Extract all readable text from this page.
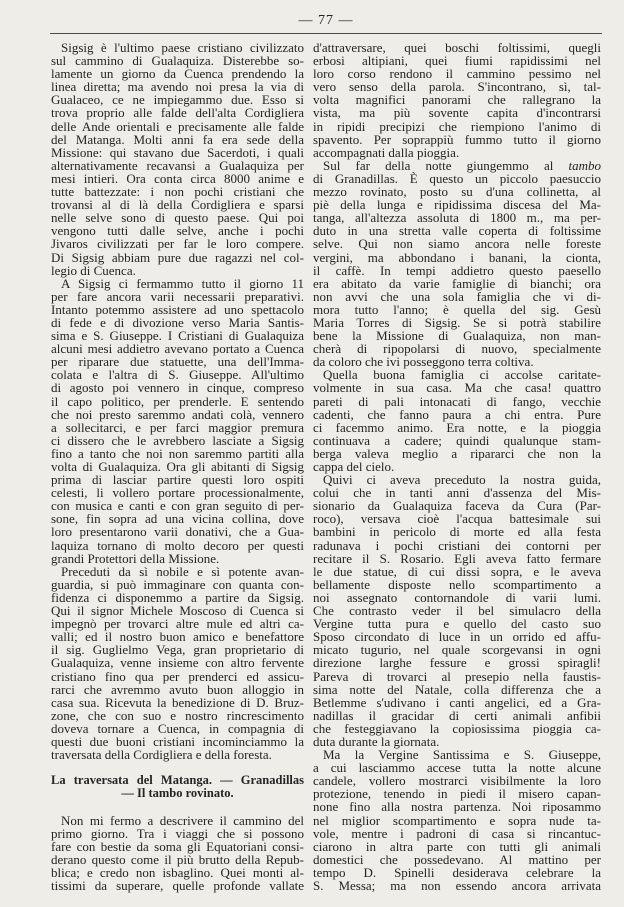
— 77 —
Sigsig è l'ultimo paese cristiano civilizzato
sul cammino di Gualaquiza. Disterebbe so-
lamente un giorno da Cuenca prendendo la
linea diretta; ma avendo noi presa la via di
Gualaceo, ce ne impiegammo due. Esso si
trova proprio alle falde dell'alta Cordigliera
delle Ande orientali e precisamente alle falde
del Matanga. Molti anni fa era sede della
Missione: qui stavano due Sacerdoti, i quali
alternativamente recavansi a Gualaquiza per
mesi intieri. Ora conta circa 8000 anime e
tutte battezzate: i non pochi cristiani che
trovansi al di là della Cordigliera e sparsi
nelle selve sono di questo paese. Qui poi
vengono tutti dalle selve, anche i pochi
Jivaros civilizzati per far le loro compere.
Di Sigsig abbiam pure due ragazzi nel col-
legio di Cuenca.
A Sigsig ci fermammo tutto il giorno 11
per fare ancora varii necessarii preparativi.
Intanto potemmo assistere ad uno spettacolo
di fede e di divozione verso Maria Santis-
sima e S. Giuseppe. I Cristiani di Gualaquiza
alcuni mesi addietro avevano portato a Cuenca
per riparare due statuette, una dell'Imma-
colata e l'altra di S. Giuseppe. All'ultimo
di agosto poi vennero in cinque, compreso
il capo politico, per prenderle. E sentendo
che noi presto saremmo andati colà, vennero
a sollecitarci, e per farci maggior premura
ci dissero che le avrebbero lasciate a Sigsig
fino a tanto che noi non saremmo partiti alla
volta di Gualaquiza. Ora gli abitanti di Sigsig
prima di lasciar partire questi loro ospiti
celesti, li vollero portare processionalmente,
con musica e canti e con gran seguito di per-
sone, fin sopra ad una vicina collina, dove
loro presentarono varii donativi, che a Gua-
laquiza tornano di molto decoro per questi
grandi Protettori della Missione.
Preceduti da sì nobile e sì potente avan-
guardia, si può immaginare con quanta con-
fidenza ci disponemmo a partire da Sigsig.
Qui il signor Michele Moscoso di Cuenca si
impegnò per trovarci altre mule ed altri ca-
valli; ed il nostro buon amico e benefattore
il sig. Guglielmo Vega, gran proprietario di
Gualaquiza, venne insieme con altro fervente
cristiano fino qua per prenderci ed assicu-
rarci che avremmo avuto buon alloggio in
casa sua. Ricevuta la benedizione di D. Bruz-
zone, che con suo e nostro rincrescimento
doveva tornare a Cuenca, in compagnia di
questi due buoni cristiani incominciammo la
traversata della Cordigliera e della foresta.
La traversata del Matanga. — Granadillas
— Il tambo rovinato.
Non mi fermo a descrivere il cammino del
primo giorno. Tra i viaggi che si possono
fare con bestie da soma gli Equatoriani consi-
derano questo come il più brutto della Repub-
blica; e credo non isbaglino. Quei monti al-
tissimi da superare, quelle profonde vallate
d'attraversare, quei boschi foltissimi, quegli
erbosi altipiani, quei fiumi rapidissimi nel
loro corso rendono il cammino pessimo nel
vero senso della parola. S'incontrano, sì, tal-
volta magnifici panorami che rallegrano la
vista, ma più sovente capita d'incontrarsi
in ripidi precipizi che riempiono l'animo di
spavento. Per soprappiù fummo tutto il giorno
accompagnati dalla pioggia.
Sul far della notte giungemmo al tambo
di Granadillas. È questo un piccolo paesuccio
mezzo rovinato, posto su d'una collinetta, al
piè della lunga e ripidissima discesa del Ma-
tanga, all'altezza assoluta di 1800 m., ma per-
duto in una stretta valle coperta di foltissime
selve. Qui non siamo ancora nelle foreste
vergini, ma abbondano i banani, la cionta,
il caffè. In tempi addietro questo paesello
era abitato da varie famiglie di bianchi; ora
non avvi che una sola famiglia che vi di-
mora tutto l'anno; è quella del sig. Gesù
Maria Torres di Sigsig. Se si potrà stabilire
bene la Missione di Gualaquiza, non man-
cherà di ripopolarsi di nuovo, specialmente
da coloro che ivi posseggono terra coltiva.
Quella buona famiglia ci accolse caritate-
volmente in sua casa. Ma che casa! quattro
pareti di pali intonacati di fango, vecchie
cadenti, che fanno paura a chi entra. Pure
ci facemmo animo. Era notte, e la pioggia
continuava a cadere; quindi qualunque stam-
berga valeva meglio a ripararci che non la
cappa del cielo.
Quivi ci aveva preceduto la nostra guida,
colui che in tanti anni d'assenza del Mis-
sionario da Gualaquiza faceva da Cura (Par-
roco), versava cioè l'acqua battesimale sui
bambini in pericolo di morte ed alla festa
radunava i pochi cristiani dei contorni per
recitare il S. Rosario. Egli aveva fatto fermare
le due statue, di cui dissi sopra, e le aveva
bellamente disposte nello scompartimento a
noi assegnato contornandole di varii lumi.
Che contrasto veder il bel simulacro della
Vergine tutta pura e quello del casto suo
Sposo circondato di luce in un orrido ed affu-
micato tugurio, nel quale scorgevansi in ogni
direzione larghe fessure e grossi spiragli!
Pareva di trovarci al presepio nella faustis-
sima notte del Natale, colla differenza che a
Betlemme s'udivano i canti angelici, ed a Gra-
nadillas il gracidar di certi animali anfibii
che festeggiavano la copiosissima pioggia ca-
duta durante la giornata.
Ma la Vergine Santissima e S. Giuseppe,
a cui lasciammo accese tutta la notte alcune
candele, vollero mostrarci visibilmente la loro
protezione, tenendo in piedi il misero capan-
none fino alla nostra partenza. Noi riposammo
nel miglior scompartimento e sopra nude ta-
vole, mentre i padroni di casa si rincantuc-
ciarono in altra parte con tutti gli animali
domestici che possedevano. Al mattino per
tempo D. Spinelli desiderava celebrare la
S. Messa; ma non essendo ancora arrivata
